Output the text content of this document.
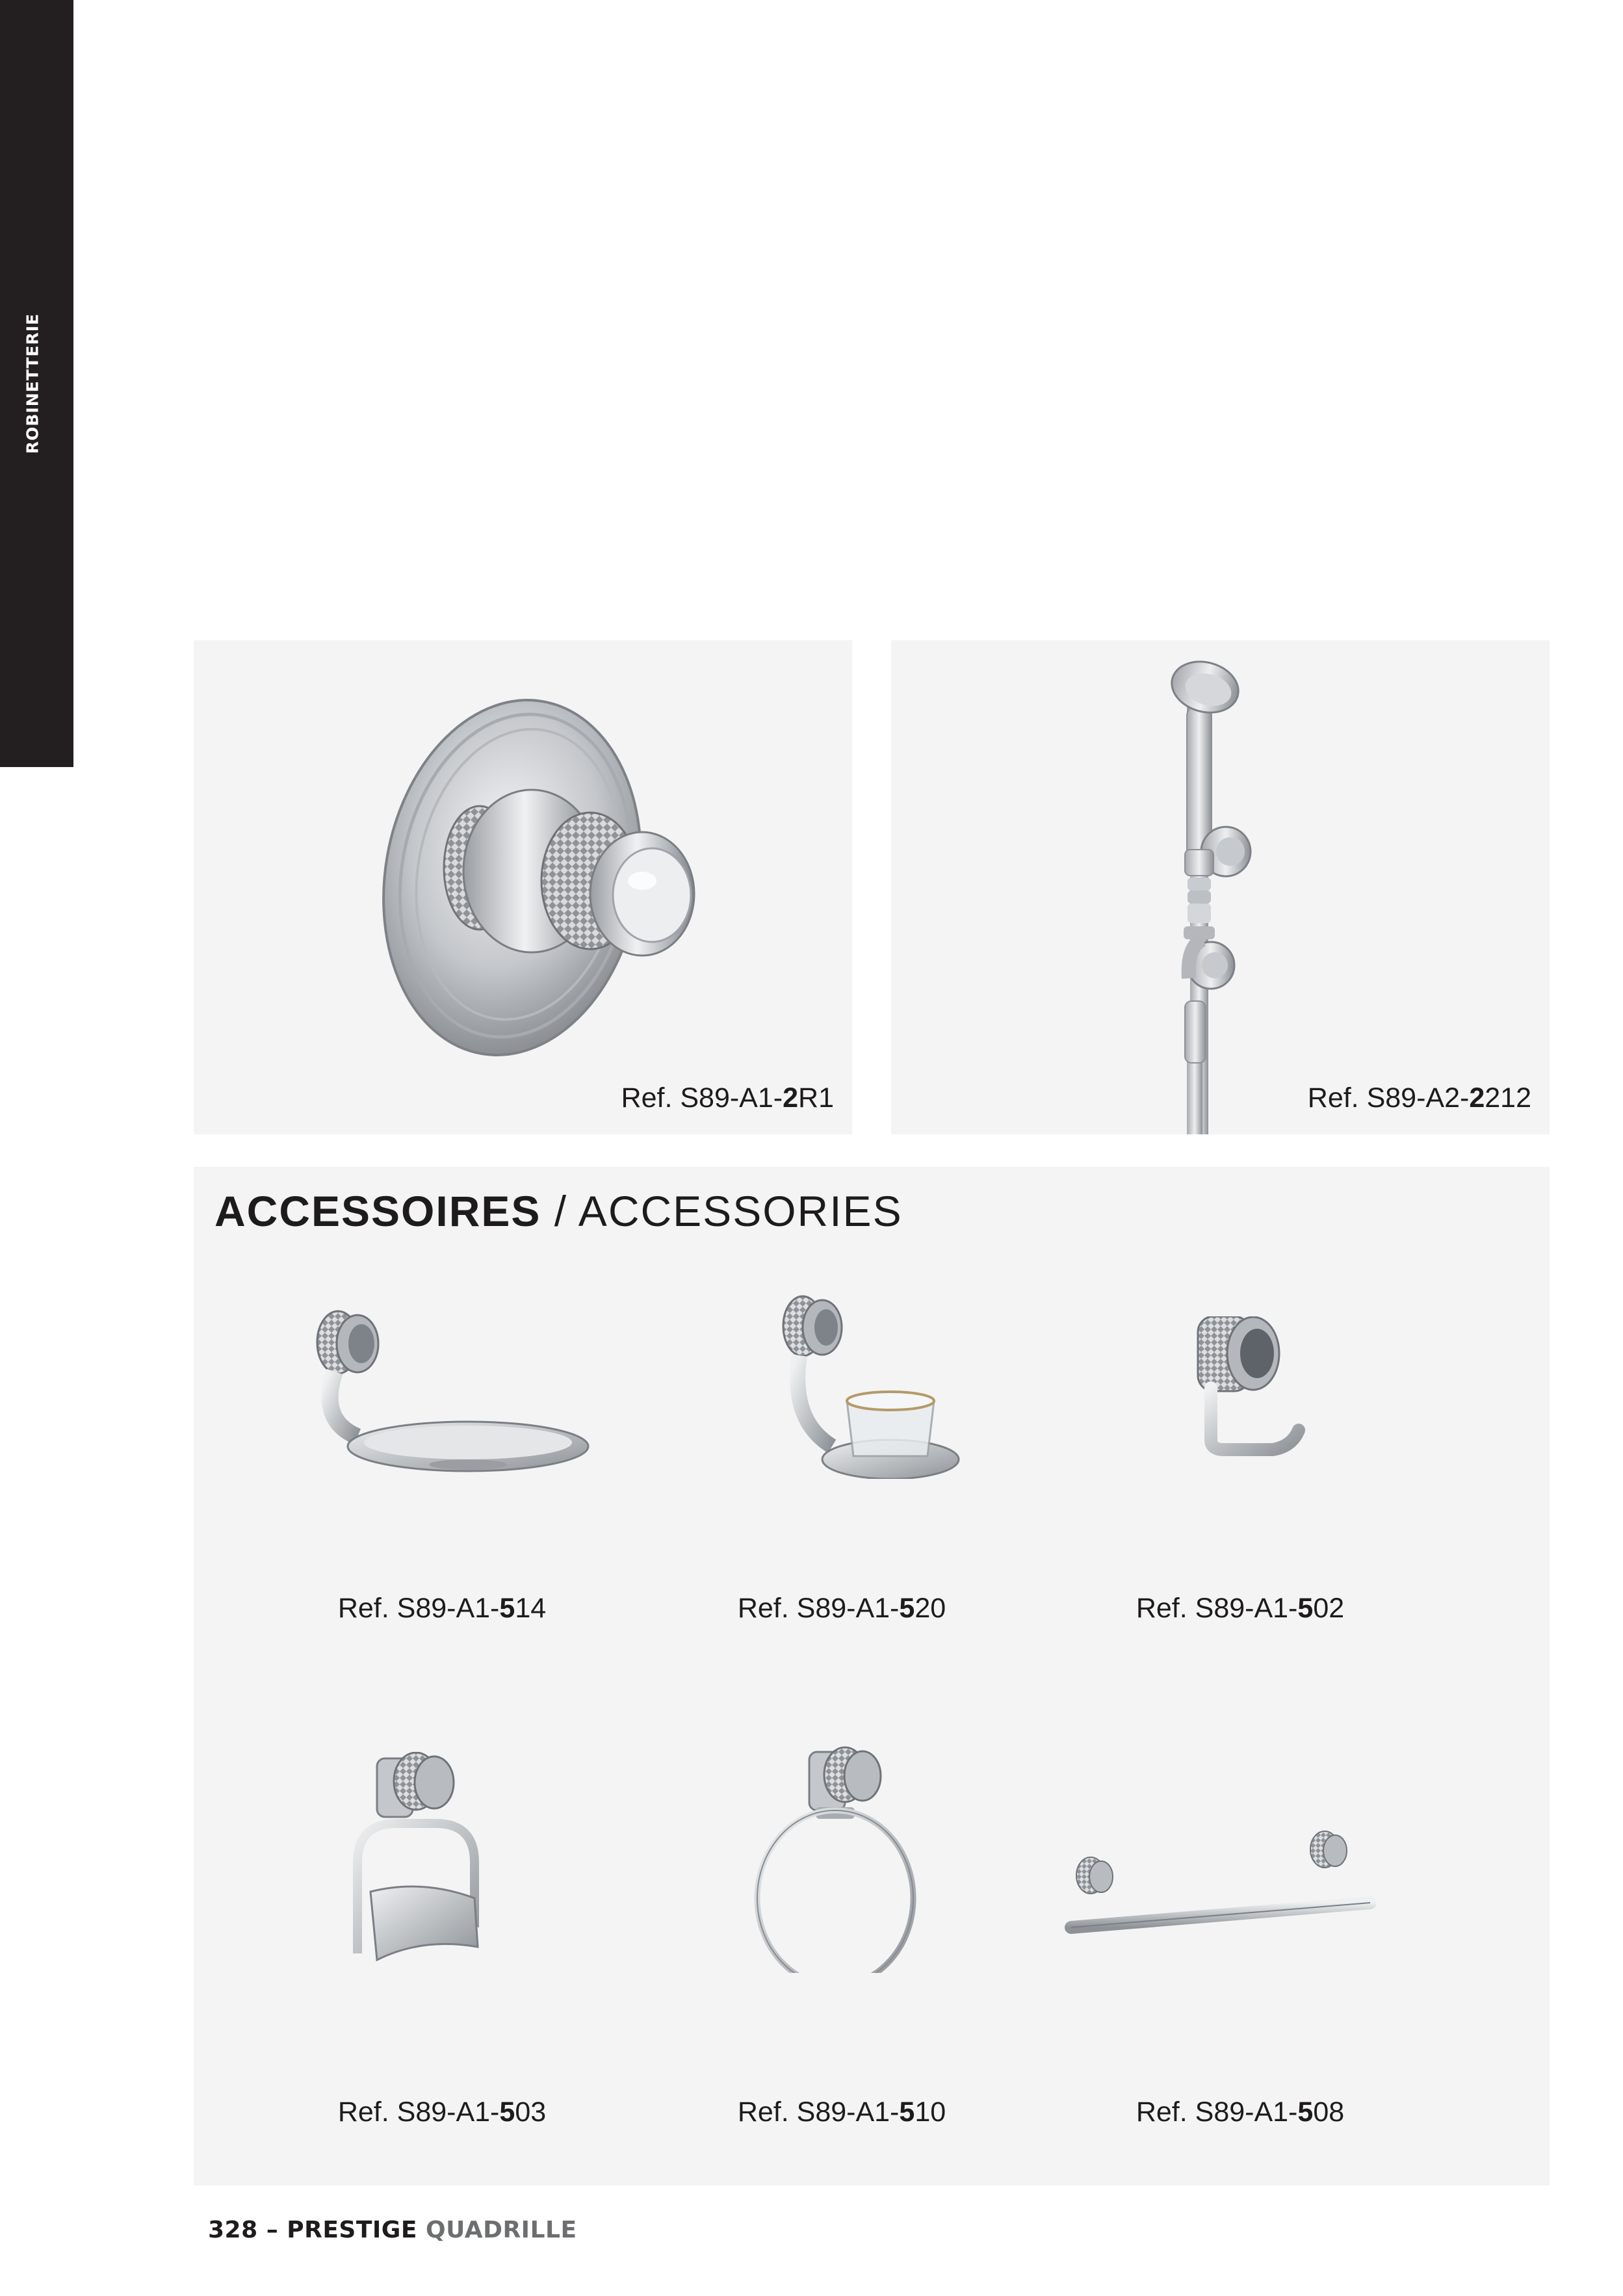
ROBINETTERIE
Ref. S89-A1-2R1	Ref. S89-A2-2212
ACCESSOIRES / ACCESSORIES
Ref. S89-A1-514	Ref. S89-A1-520	Ref. S89-A1-502
Ref. S89-A1-503	Ref. S89-A1-510	Ref. S89-A1-508
328 – PRESTIGE QUADRILLE
